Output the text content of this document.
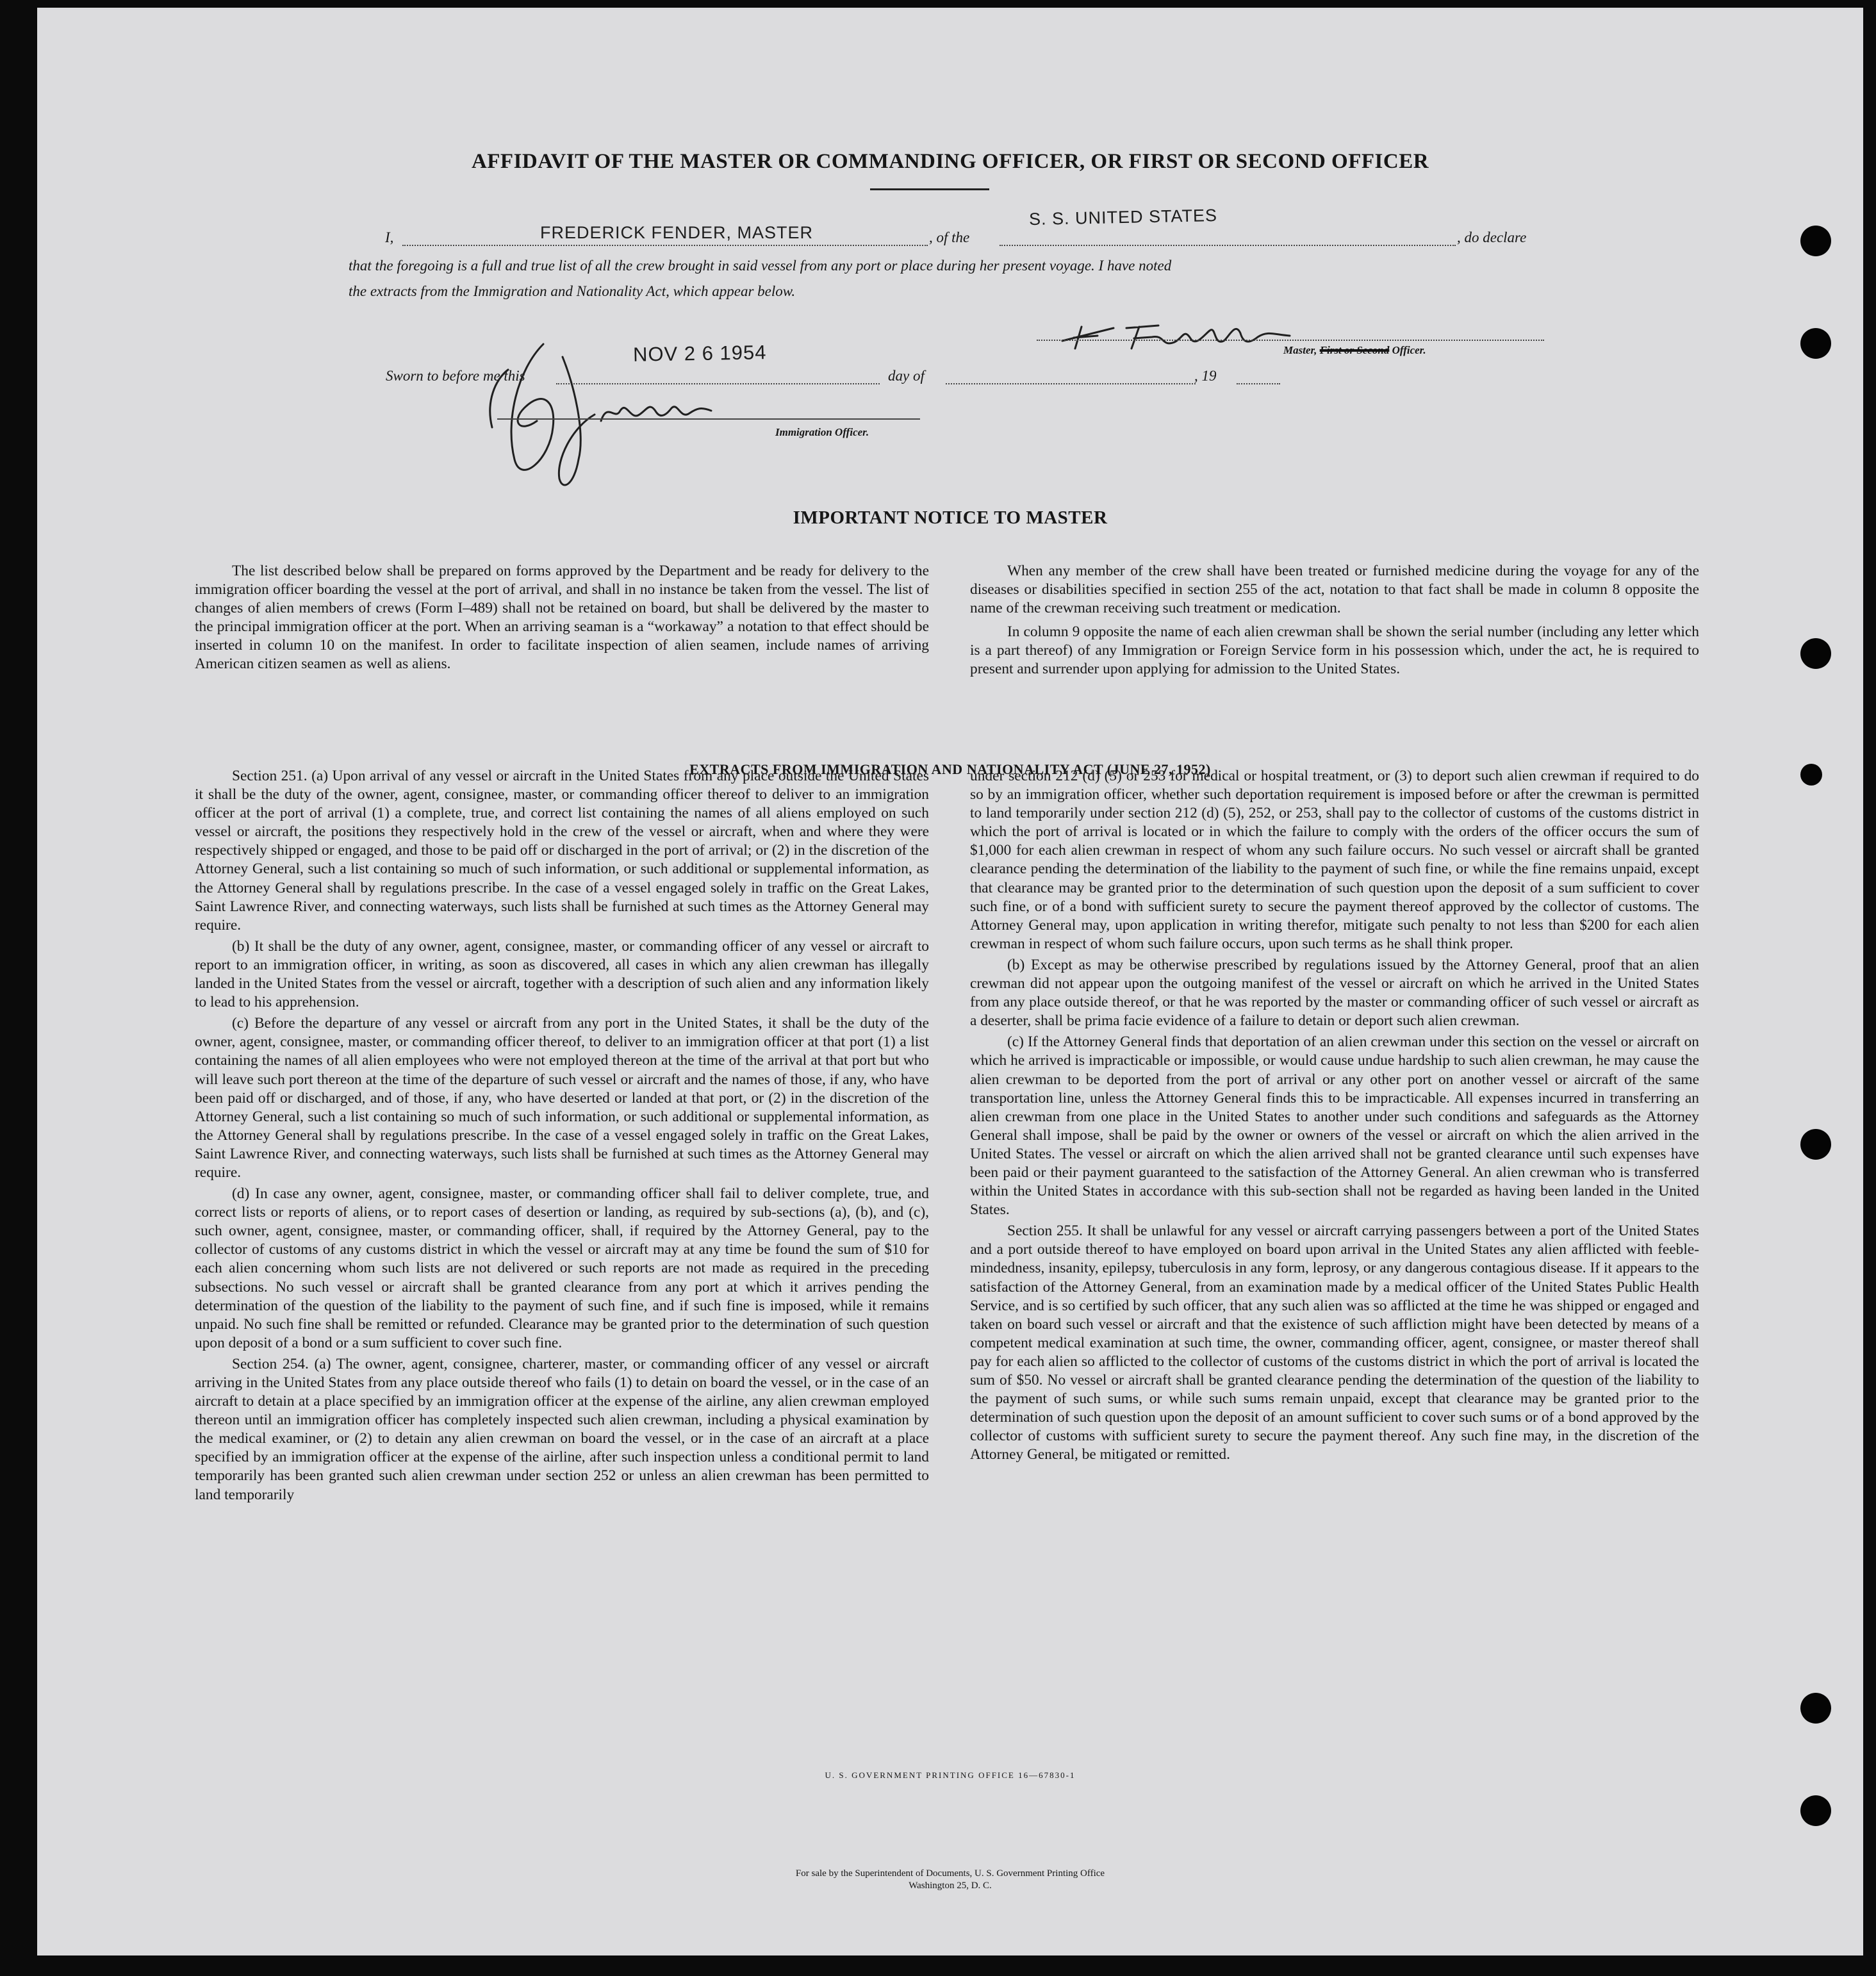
AFFIDAVIT OF THE MASTER OR COMMANDING OFFICER, OR FIRST OR SECOND OFFICER
I,	FREDERICK FENDER, MASTER	, of the
S. S. UNITED STATES
, do declare
that the foregoing is a full and true list of all the crew brought in said vessel from any port or place during her present voyage. I have noted
the extracts from the Immigration and Nationality Act, which appear below.
Master, First or Second Officer.
Sworn to before me this
NOV 2 6 1954
day of	, 19
Immigration Officer.
IMPORTANT NOTICE TO MASTER

The list described below shall be prepared on forms approved by the Department and be ready for delivery to the immigration officer boarding the vessel at the port of arrival, and shall in no instance be taken from the vessel. The list of changes of alien members of crews (Form I–489) shall not be retained on board, but shall be delivered by the master to the principal immigration officer at the port. When an arriving seaman is a “workaway” a notation to that effect should be inserted in column 10 on the manifest. In order to facilitate inspection of alien seamen, include names of arriving American citizen seamen as well as aliens.

When any member of the crew shall have been treated or furnished medicine during the voyage for any of the diseases or disabilities specified in section 255 of the act, notation to that fact shall be made in column 8 opposite the name of the crewman receiving such treatment or medication.

In column 9 opposite the name of each alien crewman shall be shown the serial number (including any letter which is a part thereof) of any Immigration or Foreign Service form in his possession which, under the act, he is required to present and surrender upon applying for admission to the United States.

EXTRACTS FROM IMMIGRATION AND NATIONALITY ACT (JUNE 27, 1952)

Section 251. (a) Upon arrival of any vessel or aircraft in the United States from any place outside the United States it shall be the duty of the owner, agent, consignee, master, or commanding officer thereof to deliver to an immigration officer at the port of arrival (1) a complete, true, and correct list containing the names of all aliens employed on such vessel or aircraft, the positions they respectively hold in the crew of the vessel or aircraft, when and where they were respectively shipped or engaged, and those to be paid off or discharged in the port of arrival; or (2) in the discretion of the Attorney General, such a list containing so much of such information, or such additional or supplemental information, as the Attorney General shall by regulations prescribe. In the case of a vessel engaged solely in traffic on the Great Lakes, Saint Lawrence River, and connecting waterways, such lists shall be furnished at such times as the Attorney General may require.

(b) It shall be the duty of any owner, agent, consignee, master, or commanding officer of any vessel or aircraft to report to an immigration officer, in writing, as soon as discovered, all cases in which any alien crewman has illegally landed in the United States from the vessel or aircraft, together with a description of such alien and any information likely to lead to his apprehension.

(c) Before the departure of any vessel or aircraft from any port in the United States, it shall be the duty of the owner, agent, consignee, master, or commanding officer thereof, to deliver to an immigration officer at that port (1) a list containing the names of all alien employees who were not employed thereon at the time of the arrival at that port but who will leave such port thereon at the time of the departure of such vessel or aircraft and the names of those, if any, who have been paid off or discharged, and of those, if any, who have deserted or landed at that port, or (2) in the discretion of the Attorney General, such a list containing so much of such information, or such additional or supplemental information, as the Attorney General shall by regulations prescribe. In the case of a vessel engaged solely in traffic on the Great Lakes, Saint Lawrence River, and connecting waterways, such lists shall be furnished at such times as the Attorney General may require.

(d) In case any owner, agent, consignee, master, or commanding officer shall fail to deliver complete, true, and correct lists or reports of aliens, or to report cases of desertion or landing, as required by sub-sections (a), (b), and (c), such owner, agent, consignee, master, or commanding officer, shall, if required by the Attorney General, pay to the collector of customs of any customs district in which the vessel or aircraft may at any time be found the sum of $10 for each alien concerning whom such lists are not delivered or such reports are not made as required in the preceding subsections. No such vessel or aircraft shall be granted clearance from any port at which it arrives pending the determination of the question of the liability to the payment of such fine, and if such fine is imposed, while it remains unpaid. No such fine shall be remitted or refunded. Clearance may be granted prior to the determination of such question upon deposit of a bond or a sum sufficient to cover such fine.

Section 254. (a) The owner, agent, consignee, charterer, master, or commanding officer of any vessel or aircraft arriving in the United States from any place outside thereof who fails (1) to detain on board the vessel, or in the case of an aircraft to detain at a place specified by an immigration officer at the expense of the airline, any alien crewman employed thereon until an immigration officer has completely inspected such alien crewman, including a physical examination by the medical examiner, or (2) to detain any alien crewman on board the vessel, or in the case of an aircraft at a place specified by an immigration officer at the expense of the airline, after such inspection unless a conditional permit to land temporarily has been granted such alien crewman under section 252 or unless an alien crewman has been permitted to land temporarily

under section 212 (d) (5) or 253 for medical or hospital treatment, or (3) to deport such alien crewman if required to do so by an immigration officer, whether such deportation requirement is imposed before or after the crewman is permitted to land temporarily under section 212 (d) (5), 252, or 253, shall pay to the collector of customs of the customs district in which the port of arrival is located or in which the failure to comply with the orders of the officer occurs the sum of $1,000 for each alien crewman in respect of whom any such failure occurs. No such vessel or aircraft shall be granted clearance pending the determination of the liability to the payment of such fine, or while the fine remains unpaid, except that clearance may be granted prior to the determination of such question upon the deposit of a sum sufficient to cover such fine, or of a bond with sufficient surety to secure the payment thereof approved by the collector of customs. The Attorney General may, upon application in writing therefor, mitigate such penalty to not less than $200 for each alien crewman in respect of whom such failure occurs, upon such terms as he shall think proper.

(b) Except as may be otherwise prescribed by regulations issued by the Attorney General, proof that an alien crewman did not appear upon the outgoing manifest of the vessel or aircraft on which he arrived in the United States from any place outside thereof, or that he was reported by the master or commanding officer of such vessel or aircraft as a deserter, shall be prima facie evidence of a failure to detain or deport such alien crewman.

(c) If the Attorney General finds that deportation of an alien crewman under this section on the vessel or aircraft on which he arrived is impracticable or impossible, or would cause undue hardship to such alien crewman, he may cause the alien crewman to be deported from the port of arrival or any other port on another vessel or aircraft of the same transportation line, unless the Attorney General finds this to be impracticable. All expenses incurred in transferring an alien crewman from one place in the United States to another under such conditions and safeguards as the Attorney General shall impose, shall be paid by the owner or owners of the vessel or aircraft on which the alien arrived in the United States. The vessel or aircraft on which the alien arrived shall not be granted clearance until such expenses have been paid or their payment guaranteed to the satisfaction of the Attorney General. An alien crewman who is transferred within the United States in accordance with this sub-section shall not be regarded as having been landed in the United States.

Section 255. It shall be unlawful for any vessel or aircraft carrying passengers between a port of the United States and a port outside thereof to have employed on board upon arrival in the United States any alien afflicted with feeble-mindedness, insanity, epilepsy, tuberculosis in any form, leprosy, or any dangerous contagious disease. If it appears to the satisfaction of the Attorney General, from an examination made by a medical officer of the United States Public Health Service, and is so certified by such officer, that any such alien was so afflicted at the time he was shipped or engaged and taken on board such vessel or aircraft and that the existence of such affliction might have been detected by means of a competent medical examination at such time, the owner, commanding officer, agent, consignee, or master thereof shall pay for each alien so afflicted to the collector of customs of the customs district in which the port of arrival is located the sum of $50. No vessel or aircraft shall be granted clearance pending the determination of the question of the liability to the payment of such sums, or while such sums remain unpaid, except that clearance may be granted prior to the determination of such question upon the deposit of an amount sufficient to cover such sums or of a bond approved by the collector of customs with sufficient surety to secure the payment thereof. Any such fine may, in the discretion of the Attorney General, be mitigated or remitted.

U. S. GOVERNMENT PRINTING OFFICE 16—67830-1
For sale by the Superintendent of Documents, U. S. Government Printing Office
Washington 25, D. C.
